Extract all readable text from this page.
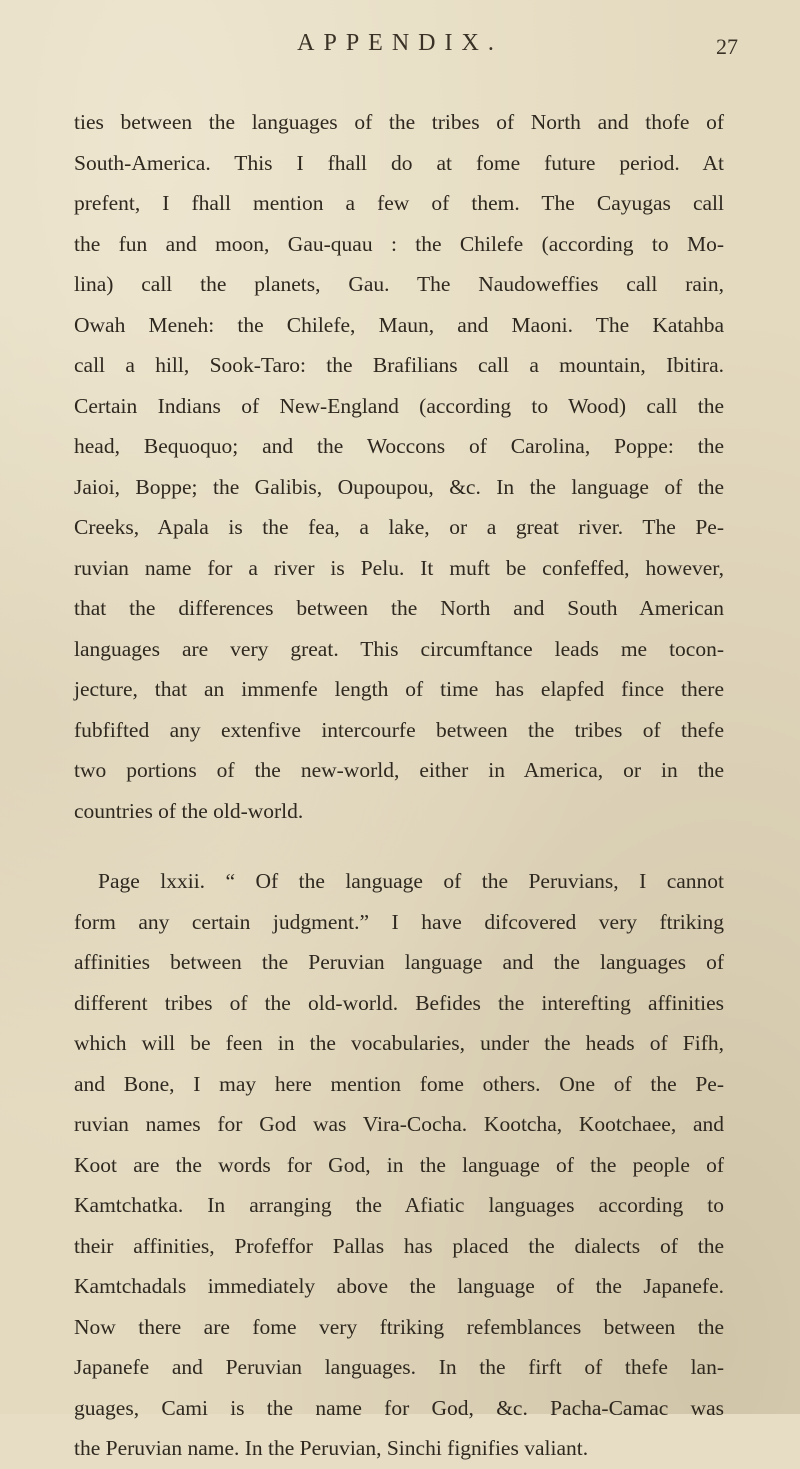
APPENDIX.	27
ties between the languages of the tribes of North and thofe of
South-America. This I fhall do at fome future period. At
prefent, I fhall mention a few of them. The Cayugas call
the fun and moon, Gau-quau : the Chilefe (according to Mo-
lina) call the planets, Gau. The Naudoweffies call rain,
Owah Meneh: the Chilefe, Maun, and Maoni. The Katahba
call a hill, Sook-Taro: the Brafilians call a mountain, Ibitira.
Certain Indians of New-England (according to Wood) call the
head, Bequoquo; and the Woccons of Carolina, Poppe: the
Jaioi, Boppe; the Galibis, Oupoupou, &c. In the language of the
Creeks, Apala is the fea, a lake, or a great river. The Pe-
ruvian name for a river is Pelu. It muft be confeffed, however,
that the differences between the North and South American
languages are very great. This circumftance leads me tocon-
jecture, that an immenfe length of time has elapfed fince there
fubfifted any extenfive intercourfe between the tribes of thefe
two portions of the new-world, either in America, or in the
countries of the old-world.
Page lxxii. “ Of the language of the Peruvians, I cannot
form any certain judgment.” I have difcovered very ftriking
affinities between the Peruvian language and the languages of
different tribes of the old-world. Befides the interefting affinities
which will be feen in the vocabularies, under the heads of Fifh,
and Bone, I may here mention fome others. One of the Pe-
ruvian names for God was Vira-Cocha. Kootcha, Kootchaee, and
Koot are the words for God, in the language of the people of
Kamtchatka. In arranging the Afiatic languages according to
their affinities, Profeffor Pallas has placed the dialects of the
Kamtchadals immediately above the language of the Japanefe.
Now there are fome very ftriking refemblances between the
Japanefe and Peruvian languages. In the firft of thefe lan-
guages, Cami is the name for God, &c. Pacha-Camac was
the Peruvian name. In the Peruvian, Sinchi fignifies valiant.
